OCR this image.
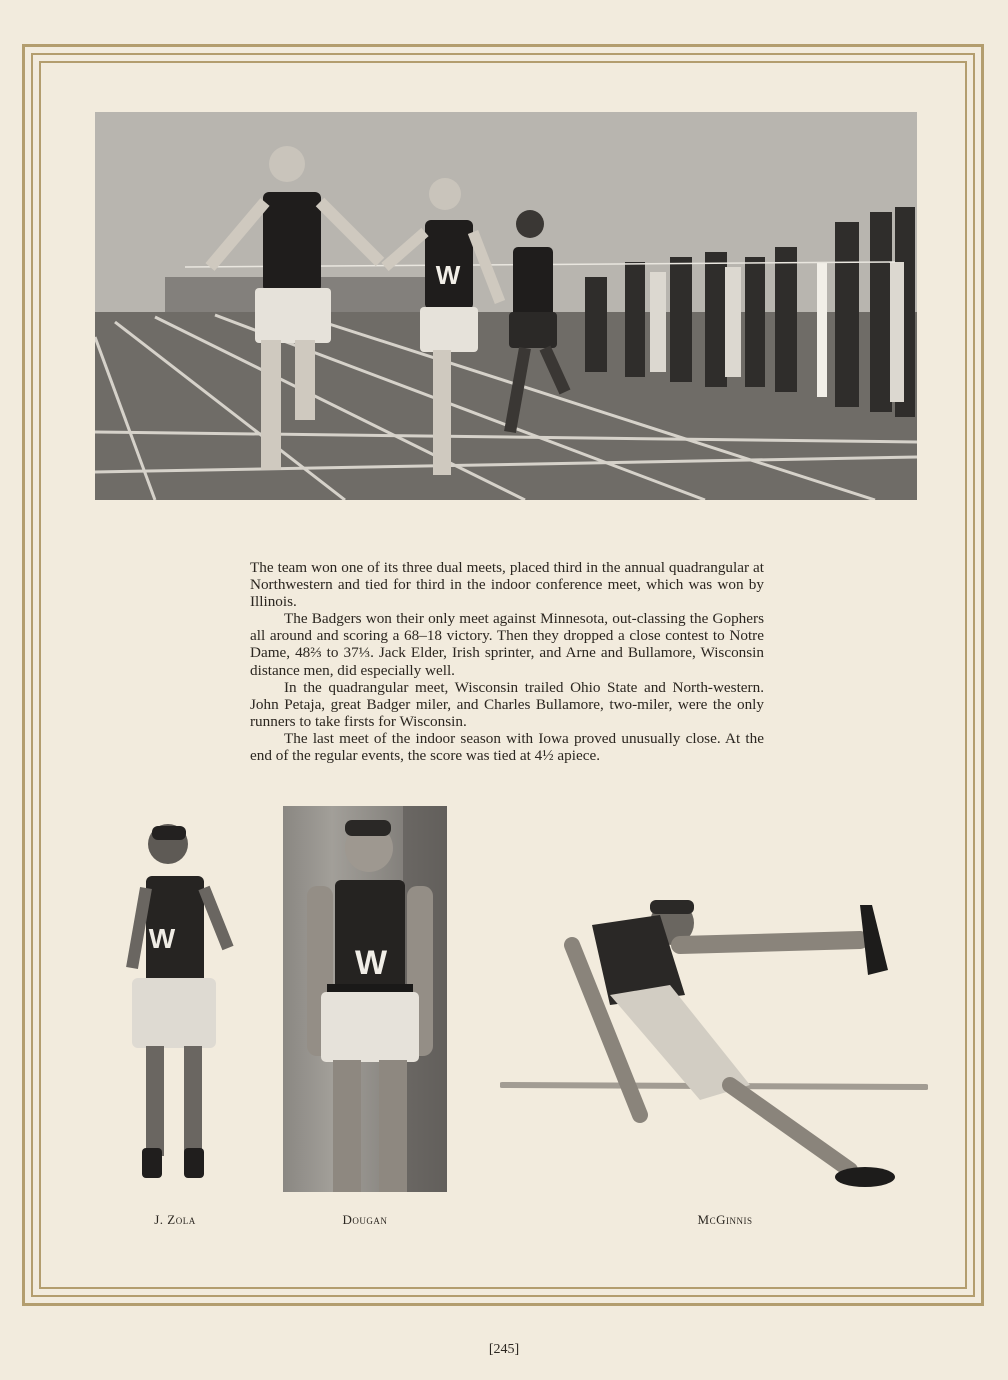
W

The team won one of its three dual meets, placed third in the annual quadrangular at Northwestern and tied for third in the indoor conference meet, which was won by Illinois.

The Badgers won their only meet against Minnesota, out-classing the Gophers all around and scoring a 68–18 victory. Then they dropped a close contest to Notre Dame, 48⅔ to 37⅓. Jack Elder, Irish sprinter, and Arne and Bullamore, Wisconsin distance men, did especially well.

In the quadrangular meet, Wisconsin trailed Ohio State and North-western. John Petaja, great Badger miler, and Charles Bullamore, two-miler, were the only runners to take firsts for Wisconsin.

The last meet of the indoor season with Iowa proved unusually close. At the end of the regular events, the score was tied at 4½ apiece.

W
W
J. Zola	Dougan	McGinnis
[245]
